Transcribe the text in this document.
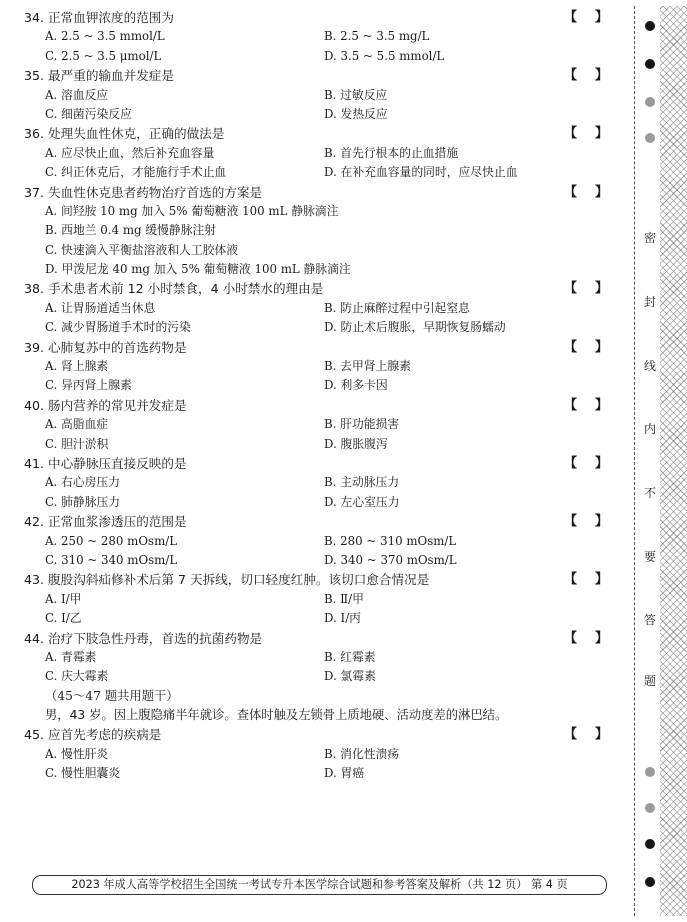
34. 正常血钾浓度的范围为	【 】
A. 2.5 ~ 3.5 mmol/L	B. 2.5 ~ 3.5 mg/L
C. 2.5 ~ 3.5 μmol/L	D. 3.5 ~ 5.5 mmol/L
35. 最严重的输血并发症是	【 】
A. 溶血反应	B. 过敏反应
C. 细菌污染反应	D. 发热反应
36. 处理失血性休克，正确的做法是	【 】
A. 应尽快止血，然后补充血容量	B. 首先行根本的止血措施
C. 纠正休克后，才能施行手术止血	D. 在补充血容量的同时，应尽快止血
37. 失血性休克患者药物治疗首选的方案是	【 】
A. 间羟胺 10 mg 加入 5% 葡萄糖液 100 mL 静脉滴注
B. 西地兰 0.4 mg 缓慢静脉注射
C. 快速滴入平衡盐溶液和人工胶体液
D. 甲泼尼龙 40 mg 加入 5% 葡萄糖液 100 mL 静脉滴注
38. 手术患者术前 12 小时禁食，4 小时禁水的理由是	【 】
A. 让胃肠道适当休息	B. 防止麻醉过程中引起窒息
C. 减少胃肠道手术时的污染	D. 防止术后腹胀，早期恢复肠蠕动
39. 心肺复苏中的首选药物是	【 】
A. 肾上腺素	B. 去甲肾上腺素
C. 异丙肾上腺素	D. 利多卡因
40. 肠内营养的常见并发症是	【 】
A. 高脂血症	B. 肝功能损害
C. 胆汁淤积	D. 腹胀腹泻
41. 中心静脉压直接反映的是	【 】
A. 右心房压力	B. 主动脉压力
C. 肺静脉压力	D. 左心室压力
42. 正常血浆渗透压的范围是	【 】
A. 250 ~ 280 mOsm/L	B. 280 ~ 310 mOsm/L
C. 310 ~ 340 mOsm/L	D. 340 ~ 370 mOsm/L
43. 腹股沟斜疝修补术后第 7 天拆线，切口轻度红肿。该切口愈合情况是	【 】
A. Ⅰ/甲	B. Ⅱ/甲
C. Ⅰ/乙	D. Ⅰ/丙
44. 治疗下肢急性丹毒，首选的抗菌药物是	【 】
A. 青霉素	B. 红霉素
C. 庆大霉素	D. 氯霉素
（45～47 题共用题干）
男，43 岁。因上腹隐痛半年就诊。查体时触及左锁骨上质地硬、活动度差的淋巴结。
45. 应首先考虑的疾病是	【 】
A. 慢性肝炎	B. 消化性溃疡
C. 慢性胆囊炎	D. 胃癌
2023 年成人高等学校招生全国统一考试专升本医学综合试题和参考答案及解析（共 12 页） 第 4 页
密
封
线
内
不
要
答
题
